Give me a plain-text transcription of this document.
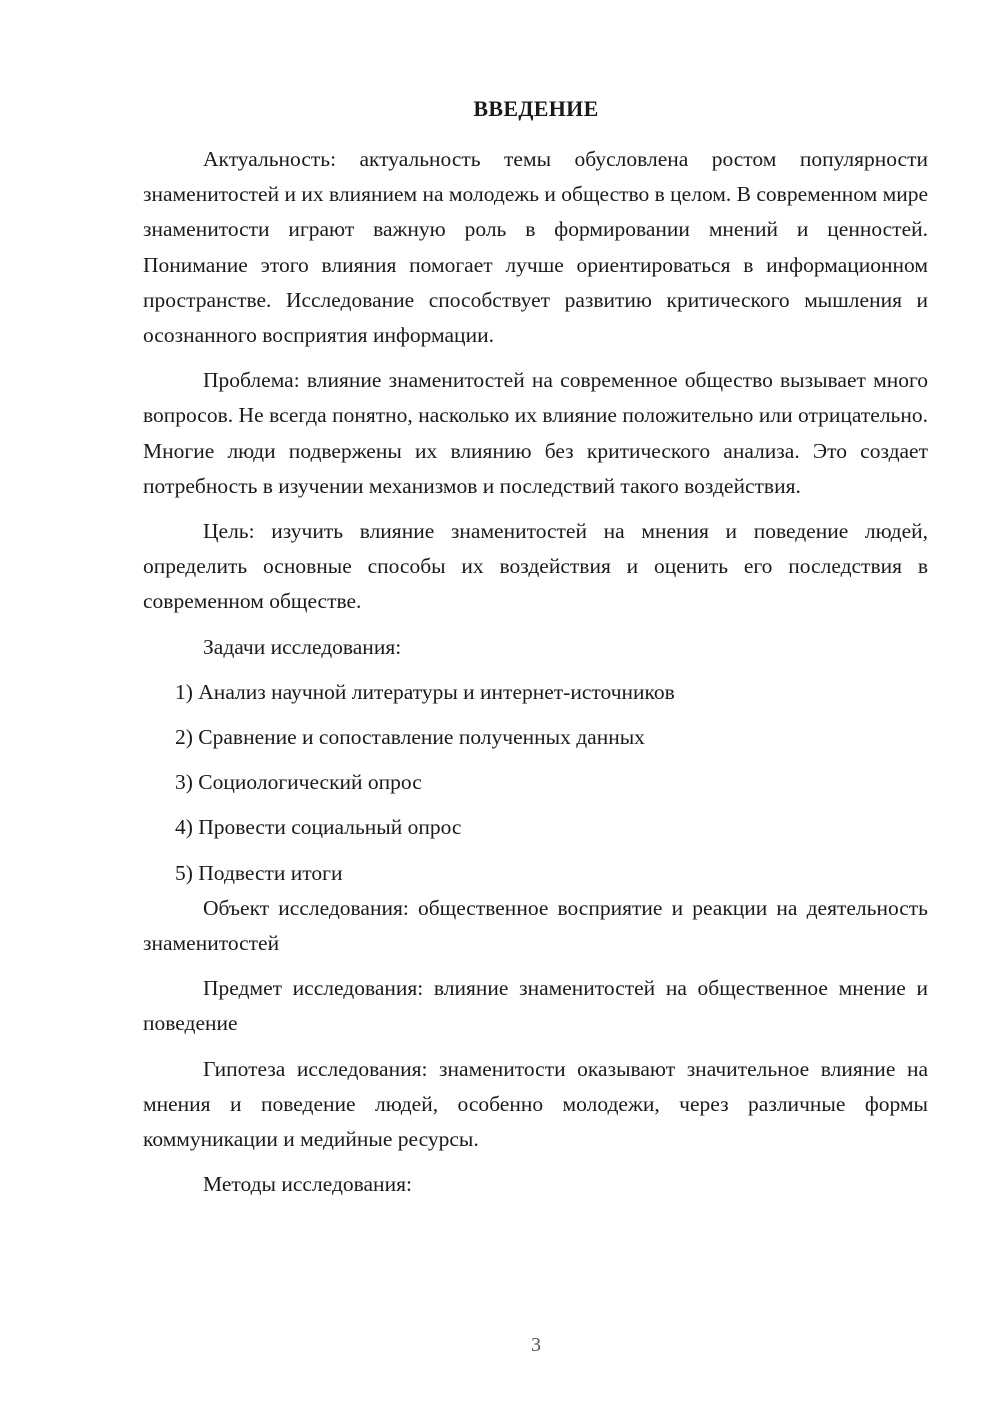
ВВЕДЕНИЕ

Актуальность: актуальность темы обусловлена ростом популярности знаменитостей и их влиянием на молодежь и общество в целом. В современном мире знаменитости играют важную роль в формировании мнений и ценностей. Понимание этого влияния помогает лучше ориентироваться в информационном пространстве. Исследование способствует развитию критического мышления и осознанного восприятия информации.

Проблема: влияние знаменитостей на современное общество вызывает много вопросов. Не всегда понятно, насколько их влияние положительно или отрицательно. Многие люди подвержены их влиянию без критического анализа. Это создает потребность в изучении механизмов и последствий такого воздействия.

Цель: изучить влияние знаменитостей на мнения и поведение людей, определить основные способы их воздействия и оценить его последствия в современном обществе.

Задачи исследования:

1) Анализ научной литературы и интернет-источников

2) Сравнение и сопоставление полученных данных

3) Социологический опрос

4) Провести социальный опрос

5) Подвести итоги

Объект исследования: общественное восприятие и реакции на деятельность знаменитостей

Предмет исследования: влияние знаменитостей на общественное мнение и поведение

Гипотеза исследования: знаменитости оказывают значительное влияние на мнения и поведение людей, особенно молодежи, через различные формы коммуникации и медийные ресурсы.

Методы исследования:

3
